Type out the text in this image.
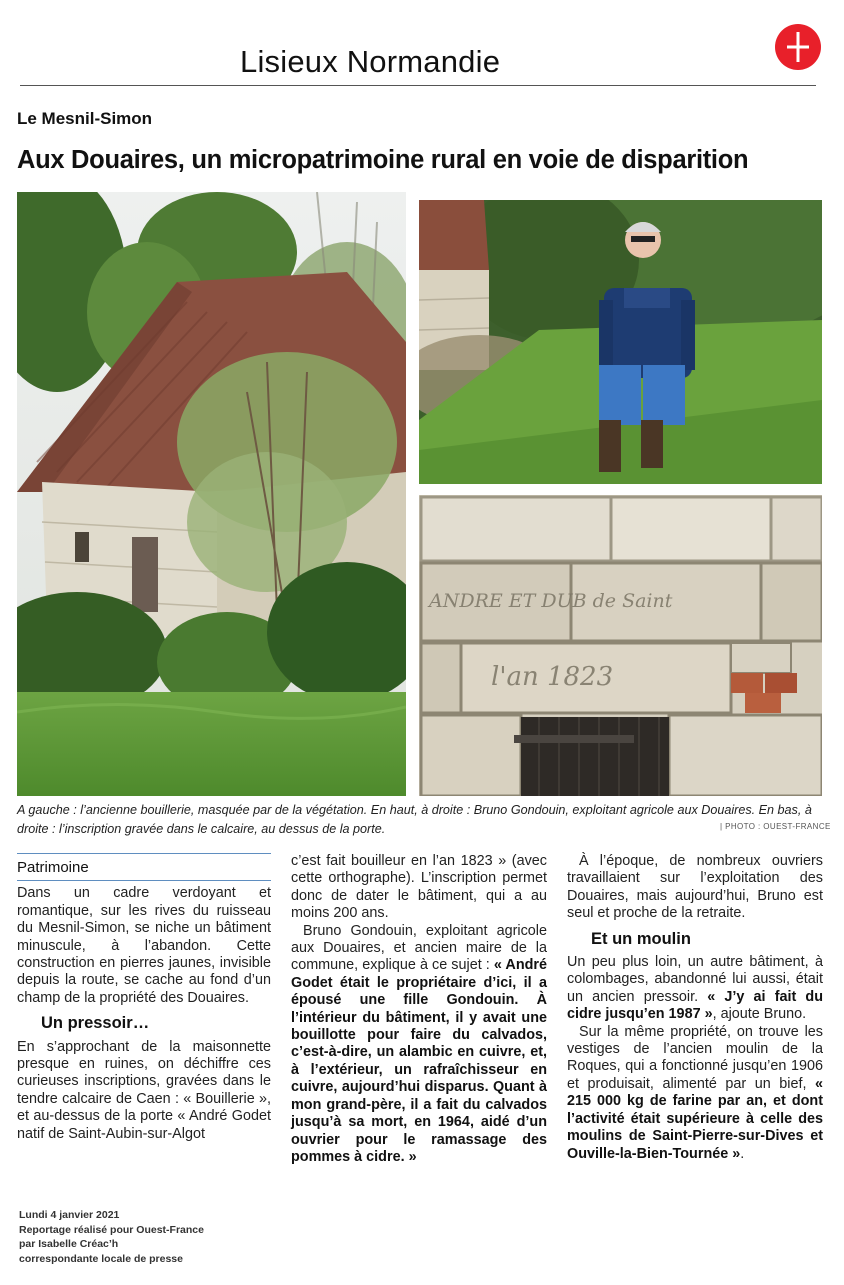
Lisieux Normandie
Le Mesnil-Simon
Aux Douaires, un micropatrimoine rural en voie de disparition
ANDRE ET DUB de Saint
l'an 1823
A gauche : l’ancienne bouillerie, masquée par de la végétation. En haut, à droite : Bruno Gondouin, exploitant agricole aux Douaires. En bas, à droite : l’inscription gravée dans le calcaire, au dessus de la porte.	| PHOTO : OUEST-FRANCE
Patrimoine

Dans un cadre verdoyant et romantique, sur les rives du ruisseau du Mesnil-Simon, se niche un bâtiment minuscule, à l’abandon. Cette construction en pierres jaunes, invisible depuis la route, se cache au fond d’un champ de la propriété des Douaires.

Un pressoir…

En s’approchant de la maisonnette presque en ruines, on déchiffre ces curieuses inscriptions, gravées dans le tendre calcaire de Caen : « Bouillerie », et au-dessus de la porte « André Godet natif de Saint-Aubin-sur-Algot

c’est fait bouilleur en l’an 1823 » (avec cette orthographe). L’inscription permet donc de dater le bâtiment, qui a au moins 200 ans.

Bruno Gondouin, exploitant agricole aux Douaires, et ancien maire de la commune, explique à ce sujet : « André Godet était le propriétaire d’ici, il a épousé une fille Gondouin. À l’intérieur du bâtiment, il y avait une bouillotte pour faire du calvados, c’est-à-dire, un alambic en cuivre, et, à l’extérieur, un rafraîchisseur en cuivre, aujourd’hui disparus. Quant à mon grand-père, il a fait du calvados jusqu’à sa mort, en 1964, aidé d’un ouvrier pour le ramassage des pommes à cidre. »

À l’époque, de nombreux ouvriers travaillaient sur l’exploitation des Douaires, mais aujourd’hui, Bruno est seul et proche de la retraite.

Et un moulin

Un peu plus loin, un autre bâtiment, à colombages, abandonné lui aussi, était un ancien pressoir. « J’y ai fait du cidre jusqu’en 1987 », ajoute Bruno.

Sur la même propriété, on trouve les vestiges de l’ancien moulin de la Roques, qui a fonctionné jusqu’en 1906 et produisait, alimenté par un bief, « 215 000 kg de farine par an, et dont l’activité était supérieure à celle des moulins de Saint-Pierre-sur-Dives et Ouville-la-Bien-Tournée ».

Lundi 4 janvier 2021
Reportage réalisé pour Ouest-France
par Isabelle Créac’h
correspondante locale de presse
